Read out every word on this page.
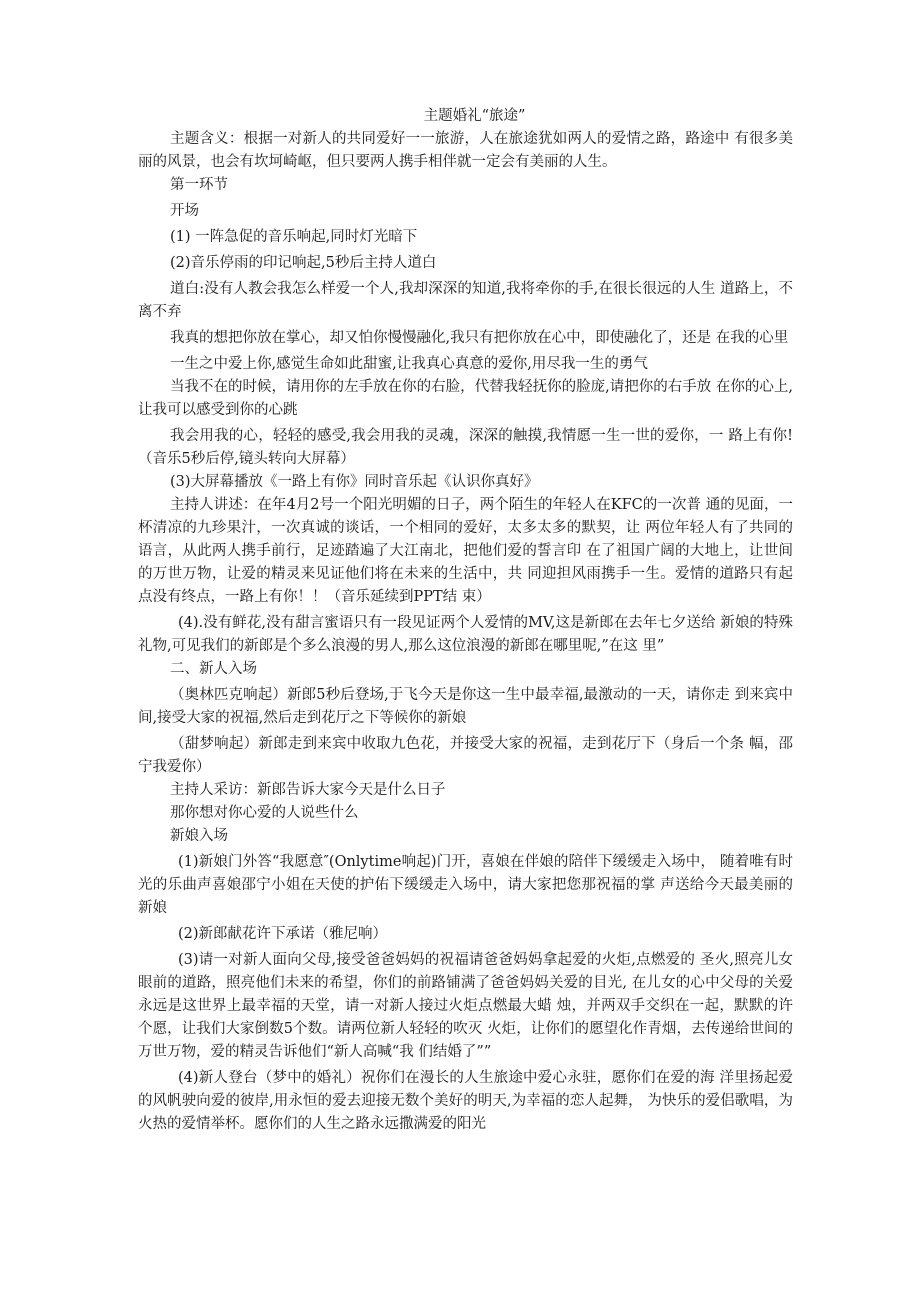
主题婚礼“旅途”

主题含义：根据一对新人的共同爱好一一旅游，人在旅途犹如两人的爱情之路，路途中 有很多美丽的风景，也会有坎坷崎岖，但只要两人携手相伴就一定会有美丽的人生。

第一环节

开场

(1) 一阵急促的音乐响起,同时灯光暗下

(2)音乐停雨的印记响起,5秒后主持人道白

道白:没有人教会我怎么样爱一个人,我却深深的知道,我将牵你的手,在很长很远的人生 道路上，不离不弃

我真的想把你放在掌心，却又怕你慢慢融化,我只有把你放在心中，即使融化了，还是 在我的心里

一生之中爱上你,感觉生命如此甜蜜,让我真心真意的爱你,用尽我一生的勇气

当我不在的时候，请用你的左手放在你的右脸，代替我轻抚你的脸庞,请把你的右手放 在你的心上,让我可以感受到你的心跳

我会用我的心，轻轻的感受,我会用我的灵魂，深深的触摸,我情愿一生一世的爱你，一 路上有你!（音乐5秒后停,镜头转向大屏幕）

(3)大屏幕播放《一路上有你》同时音乐起《认识你真好》

主持人讲述：在年4月2号一个阳光明媚的日子，两个陌生的年轻人在KFC的一次普 通的见面，一杯清凉的九珍果汁，一次真诚的谈话，一个相同的爱好，太多太多的默契，让 两位年轻人有了共同的语言，从此两人携手前行，足迹踏遍了大江南北，把他们爱的誓言印 在了祖国广阔的大地上，让世间的万世万物，让爱的精灵来见证他们将在未来的生活中，共 同迎担风雨携手一生。爱情的道路只有起点没有终点，一路上有你！！（音乐延续到PPT结 束）

(4).没有鲜花,没有甜言蜜语只有一段见证两个人爱情的MV,这是新郎在去年七夕送给 新娘的特殊礼物,可见我们的新郎是个多么浪漫的男人,那么这位浪漫的新郎在哪里呢,”在这 里”

二、新人入场

（奥林匹克响起）新郎5秒后登场,于飞今天是你这一生中最幸福,最激动的一天，请你走 到来宾中间,接受大家的祝福,然后走到花厅之下等候你的新娘

（甜梦响起）新郎走到来宾中收取九色花，并接受大家的祝福，走到花厅下（身后一个条 幅，邵宁我爱你）

主持人采访：新郎告诉大家今天是什么日子

那你想对你心爱的人说些什么

新娘入场

(1)新娘门外答“我愿意″(Onlytime响起)门开，喜娘在伴娘的陪伴下缓缓走入场中， 随着唯有时光的乐曲声喜娘邵宁小姐在天使的护佑下缓缓走入场中，请大家把您那祝福的掌 声送给今天最美丽的新娘

(2)新郎献花许下承诺（雅尼响）

(3)请一对新人面向父母,接受爸爸妈妈的祝福请爸爸妈妈拿起爱的火炬,点燃爱的 圣火,照亮儿女眼前的道路，照亮他们未来的希望，你们的前路铺满了爸爸妈妈关爱的目光, 在儿女的心中父母的关爱永远是这世界上最幸福的天堂，请一对新人接过火炬点燃最大蜡 烛，并两双手交织在一起，默默的许个愿，让我们大家倒数5个数。请两位新人轻轻的吹灭 火炬，让你们的愿望化作青烟，去传递给世间的万世万物，爱的精灵告诉他们“新人高喊“我 们结婚了””

(4)新人登台（梦中的婚礼）祝你们在漫长的人生旅途中爱心永驻，愿你们在爱的海 洋里扬起爱的风帆驶向爱的彼岸,用永恒的爱去迎接无数个美好的明天,为幸福的恋人起舞， 为快乐的爱侣歌唱，为火热的爱情举杯。愿你们的人生之路永远撒满爱的阳光
